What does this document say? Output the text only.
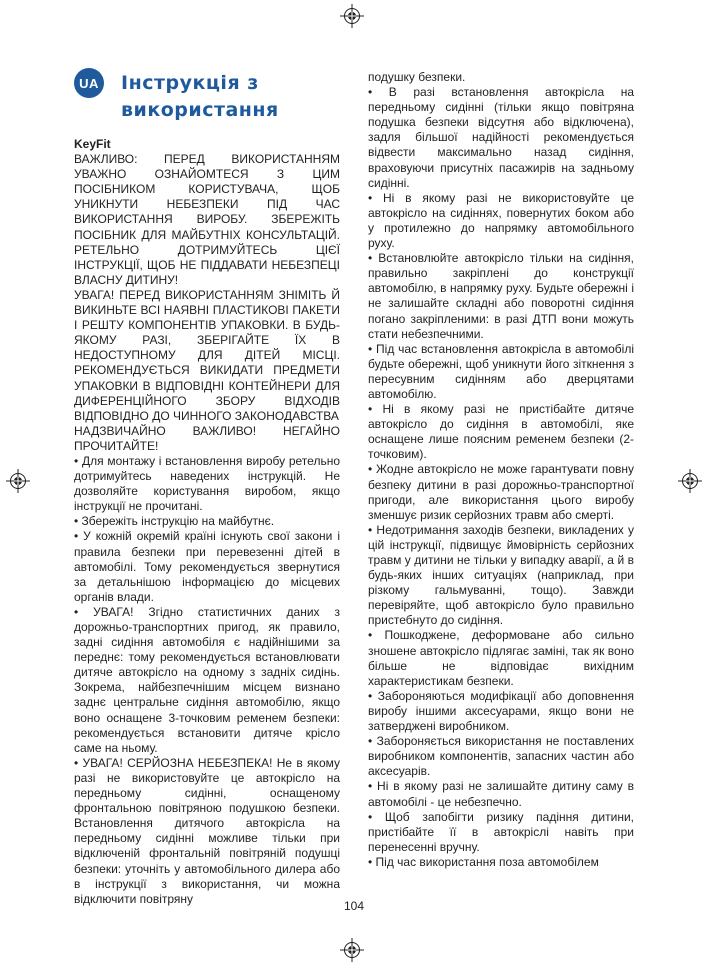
UA Інструкція з
використання

KeyFit

ВАЖЛИВО: ПЕРЕД ВИКОРИСТАННЯМ УВАЖНО ОЗНАЙОМТЕСЯ З ЦИМ ПОСІБНИКОМ КОРИСТУВАЧА, ЩОБ УНИКНУТИ НЕБЕЗПЕКИ ПІД ЧАС ВИКОРИСТАННЯ ВИРОБУ. ЗБЕРЕЖІТЬ ПОСІБНИК ДЛЯ МАЙБУТНІХ КОНСУЛЬТАЦІЙ. РЕТЕЛЬНО ДОТРИМУЙТЕСЬ ЦІЄЇ ІНСТРУКЦІЇ, ЩОБ НЕ ПІДДАВАТИ НЕБЕЗПЕЦІ ВЛАСНУ ДИТИНУ!

УВАГА! ПЕРЕД ВИКОРИСТАННЯМ ЗНІМІТЬ Й ВИКИНЬТЕ ВСІ НАЯВНІ ПЛАСТИКОВІ ПАКЕТИ І РЕШТУ КОМПОНЕНТІВ УПАКОВКИ. В БУДЬ-ЯКОМУ РАЗІ, ЗБЕРІГАЙТЕ ЇХ В НЕДОСТУПНОМУ ДЛЯ ДІТЕЙ МІСЦІ. РЕКОМЕНДУЄТЬСЯ ВИКИДАТИ ПРЕДМЕТИ УПАКОВКИ В ВІДПОВІДНІ КОНТЕЙНЕРИ ДЛЯ ДИФЕРЕНЦІЙНОГО ЗБОРУ ВІДХОДІВ ВІДПОВІДНО ДО ЧИННОГО ЗАКОНОДАВСТВА

НАДЗВИЧАЙНО ВАЖЛИВО! НЕГАЙНО ПРОЧИТАЙТЕ!

• Для монтажу і встановлення виробу ретельно дотримуйтесь наведених інструкцій. Не дозволяйте користування виробом, якщо інструкції не прочитані.

• Збережіть інструкцію на майбутнє.

• У кожній окремій країні існують свої закони і правила безпеки при перевезенні дітей в автомобілі. Тому рекомендується звернутися за детальнішою інформацією до місцевих органів влади.

• УВАГА! Згідно статистичних даних з дорожньо-транспортних пригод, як правило, задні сидіння автомобіля є надійнішими за переднє: тому рекомендується встановлювати дитяче автокрісло на одному з задніх сидінь. Зокрема, найбезпечнішим місцем визнано заднє центральне сидіння автомобілю, якщо воно оснащене 3-точковим ременем безпеки: рекомендується встановити дитяче крісло саме на ньому.

• УВАГА! СЕРЙОЗНА НЕБЕЗПЕКА! Не в якому разі не використовуйте це автокрісло на передньому сидінні, оснащеному фронтальною повітряною подушкою безпеки. Встановлення дитячого автокрісла на передньому сидінні можливе тільки при відключеній фронтальній повітряній подушці безпеки: уточніть у автомобільного дилера або в інструкції з використання, чи можна відключити повітряну

подушку безпеки.

• В разі встановлення автокрісла на передньому сидінні (тільки якщо повітряна подушка безпеки відсутня або відключена), задля більшої надійності рекомендується відвести максимально назад сидіння, враховуючи присутніх пасажирів на задньому сидінні.

• Ні в якому разі не використовуйте це автокрісло на сидіннях, повернутих боком або у протилежно до напрямку автомобільного руху.

• Встановлюйте автокрісло тільки на сидіння, правильно закріплені до конструкції автомобілю, в напрямку руху. Будьте обережні і не залишайте складні або поворотні сидіння погано закріпленими: в разі ДТП вони можуть стати небезпечними.

• Під час встановлення автокрісла в автомобілі будьте обережні, щоб уникнути його зіткнення з пересувним сидінням або дверцятами автомобілю.

• Ні в якому разі не пристібайте дитяче автокрісло до сидіння в автомобілі, яке оснащене лише поясним ременем безпеки (2-точковим).

• Жодне автокрісло не може гарантувати повну безпеку дитини в разі дорожньо-транспортної пригоди, але використання цього виробу зменшує ризик серйозних травм або смерті.

• Недотримання заходів безпеки, викладених у цій інструкції, підвищує ймовірність серйозних травм у дитини не тільки у випадку аварії, а й в будь-яких інших ситуаціях (наприклад, при різкому гальмуванні, тощо). Завжди перевіряйте, щоб автокрісло було правильно пристебнуто до сидіння.

• Пошкоджене, деформоване або сильно зношене автокрісло підлягає заміні, так як воно більше не відповідає вихідним характеристикам безпеки.

• Забороняються модифікації або доповнення виробу іншими аксесуарами, якщо вони не затверджені виробником.

• Забороняється використання не поставлених виробником компонентів, запасних частин або аксесуарів.

• Ні в якому разі не залишайте дитину саму в автомобілі - це небезпечно.

• Щоб запобігти ризику падіння дитини, пристібайте її в автокріслі навіть при перенесенні вручну.

• Під час використання поза автомобілем

104
